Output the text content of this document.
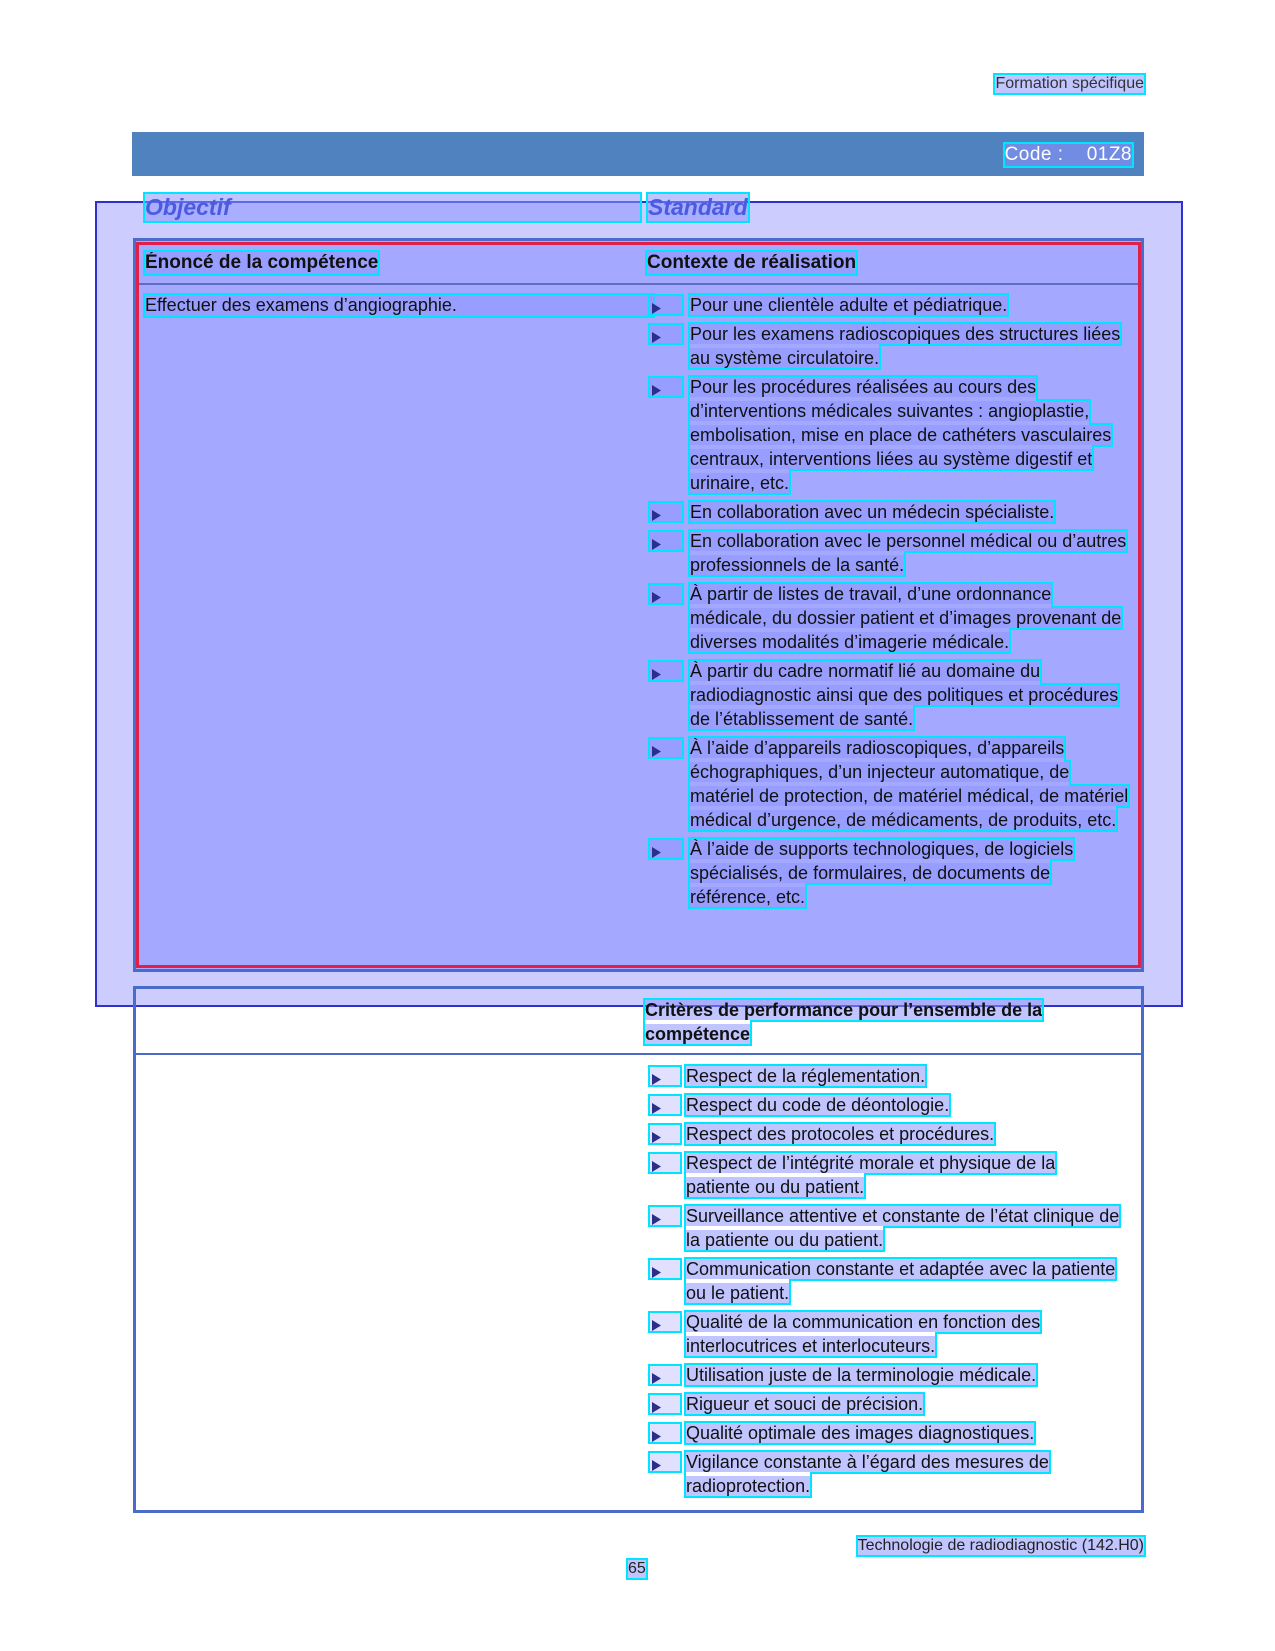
Formation spécifique
Code : 01Z8
Objectif	Standard
Énoncé de la compétence	Contexte de réalisation
Effectuer des examens d’angiographie.	Pour une clientèle adulte et pédiatrique.
Pour les examens radioscopiques des structures liées au système circulatoire.
Pour les procédures réalisées au cours des d’interventions médicales suivantes : angioplastie, embolisation, mise en place de cathéters vasculaires centraux, interventions liées au système digestif et urinaire, etc.
En collaboration avec un médecin spécialiste.
En collaboration avec le personnel médical ou d’autres professionnels de la santé.
À partir de listes de travail, d’une ordonnance médicale, du dossier patient et d’images provenant de diverses modalités d’imagerie médicale.
À partir du cadre normatif lié au domaine du radiodiagnostic ainsi que des politiques et procédures de l’établissement de santé.
À l’aide d’appareils radioscopiques, d’appareils échographiques, d’un injecteur automatique, de matériel de protection, de matériel médical, de matériel médical d’urgence, de médicaments, de produits, etc.
À l’aide de supports technologiques, de logiciels spécialisés, de formulaires, de documents de référence, etc.
Critères de performance pour l’ensemble de la compétence
Respect de la réglementation.
Respect du code de déontologie.
Respect des protocoles et procédures.
Respect de l’intégrité morale et physique de la patiente ou du patient.
Surveillance attentive et constante de l’état clinique de la patiente ou du patient.
Communication constante et adaptée avec la patiente ou le patient.
Qualité de la communication en fonction des interlocutrices et interlocuteurs.
Utilisation juste de la terminologie médicale.
Rigueur et souci de précision.
Qualité optimale des images diagnostiques.
Vigilance constante à l’égard des mesures de radioprotection.
Technologie de radiodiagnostic (142.H0)
65
